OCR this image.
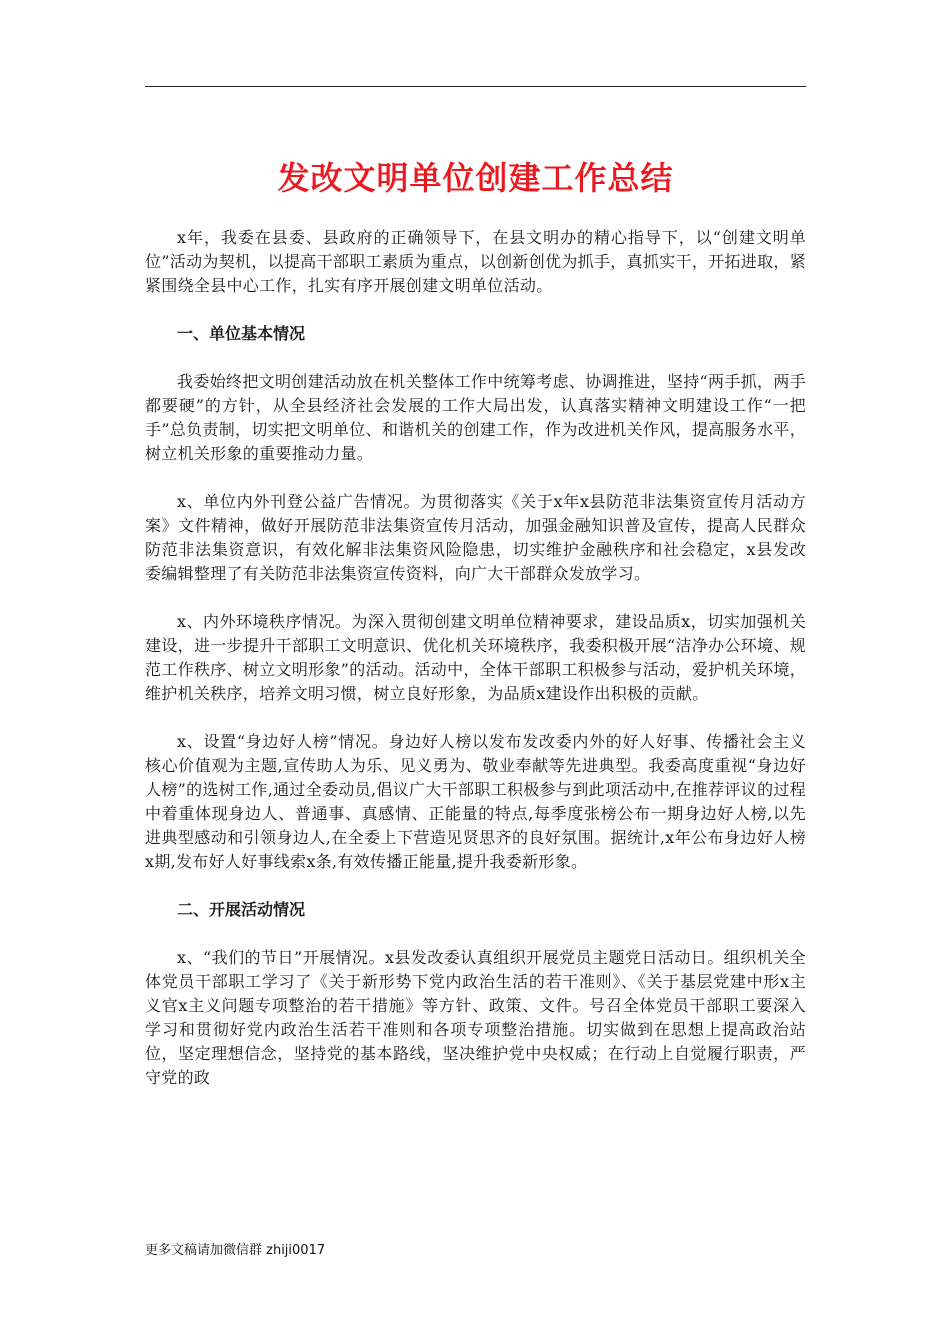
发改文明单位创建工作总结

x年，我委在县委、县政府的正确领导下，在县文明办的精心指导下，以“创建文明单位”活动为契机，以提高干部职工素质为重点，以创新创优为抓手，真抓实干，开拓进取，紧紧围绕全县中心工作，扎实有序开展创建文明单位活动。

一、单位基本情况

我委始终把文明创建活动放在机关整体工作中统筹考虑、协调推进，坚持“两手抓，两手都要硬”的方针，从全县经济社会发展的工作大局出发，认真落实精神文明建设工作“一把手”总负责制，切实把文明单位、和谐机关的创建工作，作为改进机关作风，提高服务水平，树立机关形象的重要推动力量。

x、单位内外刊登公益广告情况。为贯彻落实《关于x年x县防范非法集资宣传月活动方案》文件精神，做好开展防范非法集资宣传月活动，加强金融知识普及宣传，提高人民群众防范非法集资意识，有效化解非法集资风险隐患，切实维护金融秩序和社会稳定，x县发改委编辑整理了有关防范非法集资宣传资料，向广大干部群众发放学习。

x、内外环境秩序情况。为深入贯彻创建文明单位精神要求，建设品质x，切实加强机关建设，进一步提升干部职工文明意识、优化机关环境秩序，我委积极开展“洁净办公环境、规范工作秩序、树立文明形象”的活动。活动中，全体干部职工积极参与活动，爱护机关环境，维护机关秩序，培养文明习惯，树立良好形象，为品质x建设作出积极的贡献。

x、设置“身边好人榜”情况。身边好人榜以发布发改委内外的好人好事、传播社会主义核心价值观为主题,宣传助人为乐、见义勇为、敬业奉献等先进典型。我委高度重视“身边好人榜”的选树工作,通过全委动员,倡议广大干部职工积极参与到此项活动中,在推荐评议的过程中着重体现身边人、普通事、真感情、正能量的特点,每季度张榜公布一期身边好人榜,以先进典型感动和引领身边人,在全委上下营造见贤思齐的良好氛围。据统计,x年公布身边好人榜x期,发布好人好事线索x条,有效传播正能量,提升我委新形象。

二、开展活动情况

x、“我们的节日”开展情况。x县发改委认真组织开展党员主题党日活动日。组织机关全体党员干部职工学习了《关于新形势下党内政治生活的若干准则》、《关于基层党建中形x主义官x主义问题专项整治的若干措施》等方针、政策、文件。号召全体党员干部职工要深入学习和贯彻好党内政治生活若干准则和各项专项整治措施。切实做到在思想上提高政治站位，坚定理想信念，坚持党的基本路线，坚决维护党中央权威；在行动上自觉履行职责，严守党的政

更多文稿请加微信群 zhiji0017
